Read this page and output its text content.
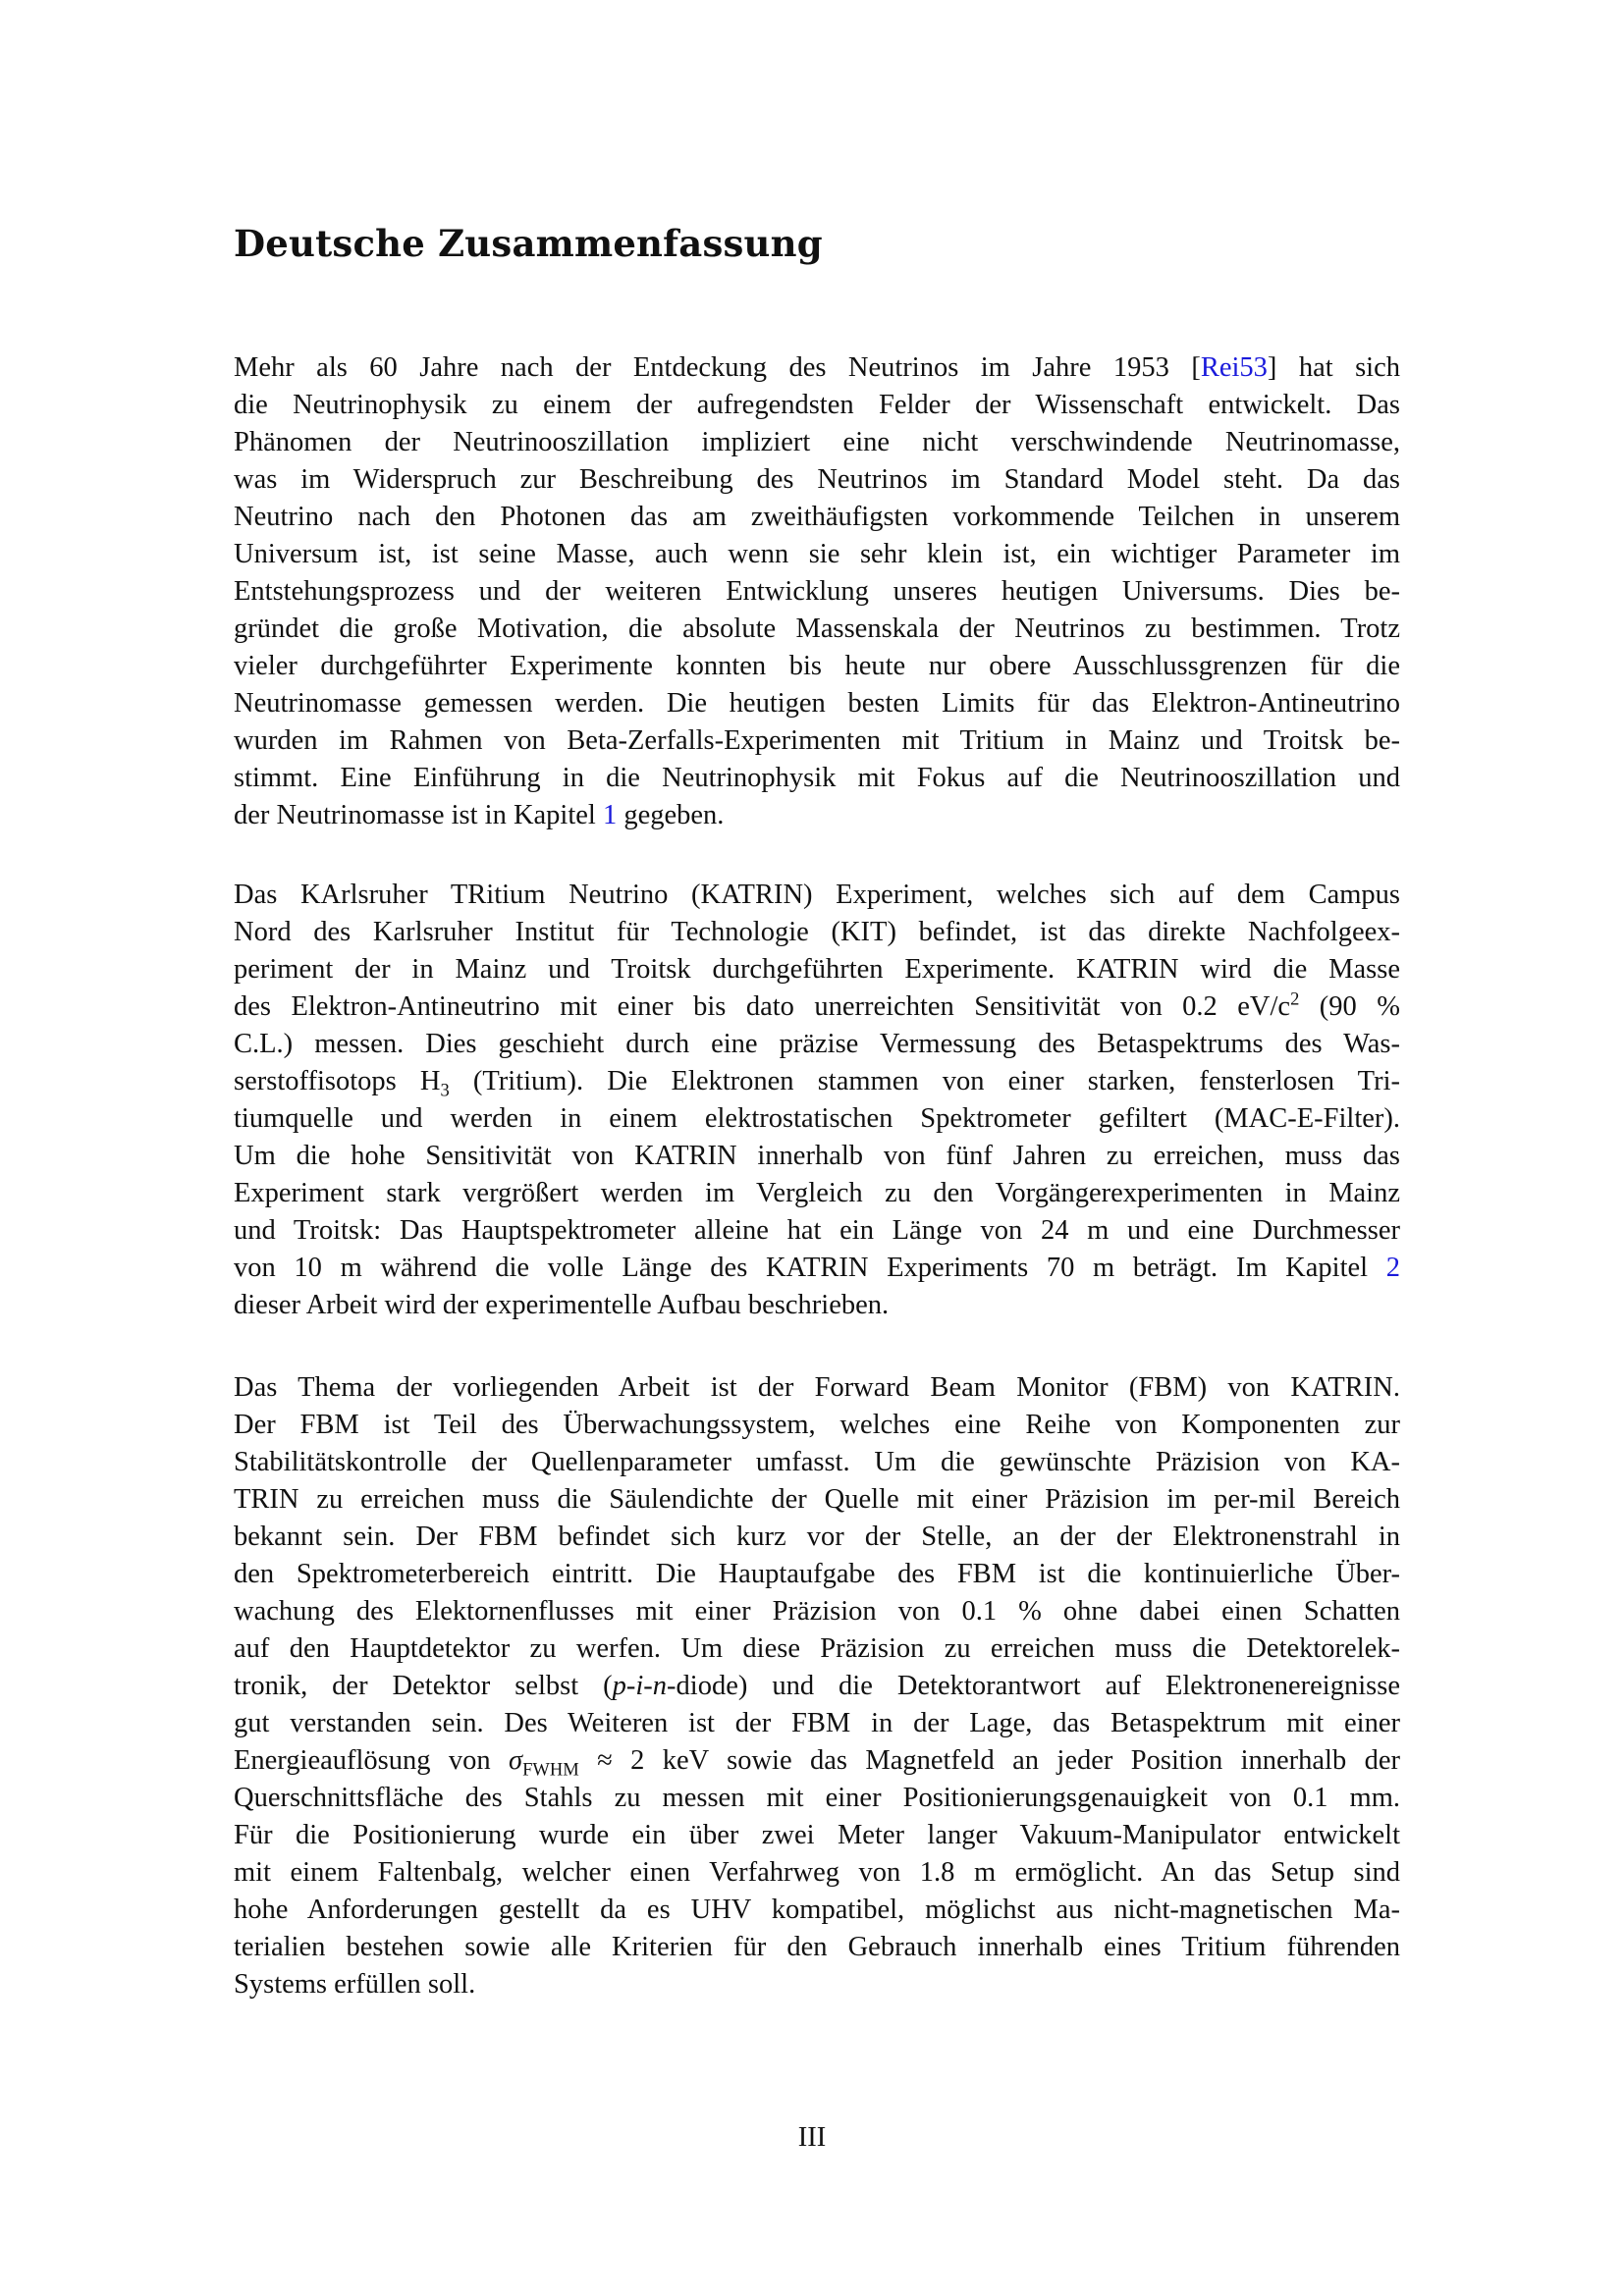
Deutsche Zusammenfassung
Mehr als 60 Jahre nach der Entdeckung des Neutrinos im Jahre 1953 [Rei53] hat sich
die Neutrinophysik zu einem der aufregendsten Felder der Wissenschaft entwickelt. Das
Phänomen der Neutrinooszillation impliziert eine nicht verschwindende Neutrinomasse,
was im Widerspruch zur Beschreibung des Neutrinos im Standard Model steht. Da das
Neutrino nach den Photonen das am zweithäufigsten vorkommende Teilchen in unserem
Universum ist, ist seine Masse, auch wenn sie sehr klein ist, ein wichtiger Parameter im
Entstehungsprozess und der weiteren Entwicklung unseres heutigen Universums. Dies be-
gründet die große Motivation, die absolute Massenskala der Neutrinos zu bestimmen. Trotz
vieler durchgeführter Experimente konnten bis heute nur obere Ausschlussgrenzen für die
Neutrinomasse gemessen werden. Die heutigen besten Limits für das Elektron-Antineutrino
wurden im Rahmen von Beta-Zerfalls-Experimenten mit Tritium in Mainz und Troitsk be-
stimmt. Eine Einführung in die Neutrinophysik mit Fokus auf die Neutrinooszillation und
der Neutrinomasse ist in Kapitel 1 gegeben.
Das KArlsruher TRitium Neutrino (KATRIN) Experiment, welches sich auf dem Campus
Nord des Karlsruher Institut für Technologie (KIT) befindet, ist das direkte Nachfolgeex-
periment der in Mainz und Troitsk durchgeführten Experimente. KATRIN wird die Masse
des Elektron-Antineutrino mit einer bis dato unerreichten Sensitivität von 0.2 $eV/c^2$ (90 %
C.L.) messen. Dies geschieht durch eine präzise Vermessung des Betaspektrums des Was-
serstoffisotops $H_3$ (Tritium). Die Elektronen stammen von einer starken, fensterlosen Tri-
tiumquelle und werden in einem elektrostatischen Spektrometer gefiltert (MAC-E-Filter).
Um die hohe Sensitivität von KATRIN innerhalb von fünf Jahren zu erreichen, muss das
Experiment stark vergrößert werden im Vergleich zu den Vorgängerexperimenten in Mainz
und Troitsk: Das Hauptspektrometer alleine hat ein Länge von 24 m und eine Durchmesser
von 10 m während die volle Länge des KATRIN Experiments 70 m beträgt. Im Kapitel 2
dieser Arbeit wird der experimentelle Aufbau beschrieben.
Das Thema der vorliegenden Arbeit ist der Forward Beam Monitor (FBM) von KATRIN.
Der FBM ist Teil des Überwachungssystem, welches eine Reihe von Komponenten zur
Stabilitätskontrolle der Quellenparameter umfasst. Um die gewünschte Präzision von KA-
TRIN zu erreichen muss die Säulendichte der Quelle mit einer Präzision im per-mil Bereich
bekannt sein. Der FBM befindet sich kurz vor der Stelle, an der der Elektronenstrahl in
den Spektrometerbereich eintritt. Die Hauptaufgabe des FBM ist die kontinuierliche Über-
wachung des Elektornenflusses mit einer Präzision von 0.1 % ohne dabei einen Schatten
auf den Hauptdetektor zu werfen. Um diese Präzision zu erreichen muss die Detektorelek-
tronik, der Detektor selbst (p-i-n-diode) und die Detektorantwort auf Elektronenereignisse
gut verstanden sein. Des Weiteren ist der FBM in der Lage, das Betaspektrum mit einer
Energieauflösung von $\sigma_{FWHM} \approx 2$ keV sowie das Magnetfeld an jeder Position innerhalb der
Querschnittsfläche des Stahls zu messen mit einer Positionierungsgenauigkeit von 0.1 mm.
Für die Positionierung wurde ein über zwei Meter langer Vakuum-Manipulator entwickelt
mit einem Faltenbalg, welcher einen Verfahrweg von 1.8 m ermöglicht. An das Setup sind
hohe Anforderungen gestellt da es UHV kompatibel, möglichst aus nicht-magnetischen Ma-
terialien bestehen sowie alle Kriterien für den Gebrauch innerhalb eines Tritium führenden
Systems erfüllen soll.
III
